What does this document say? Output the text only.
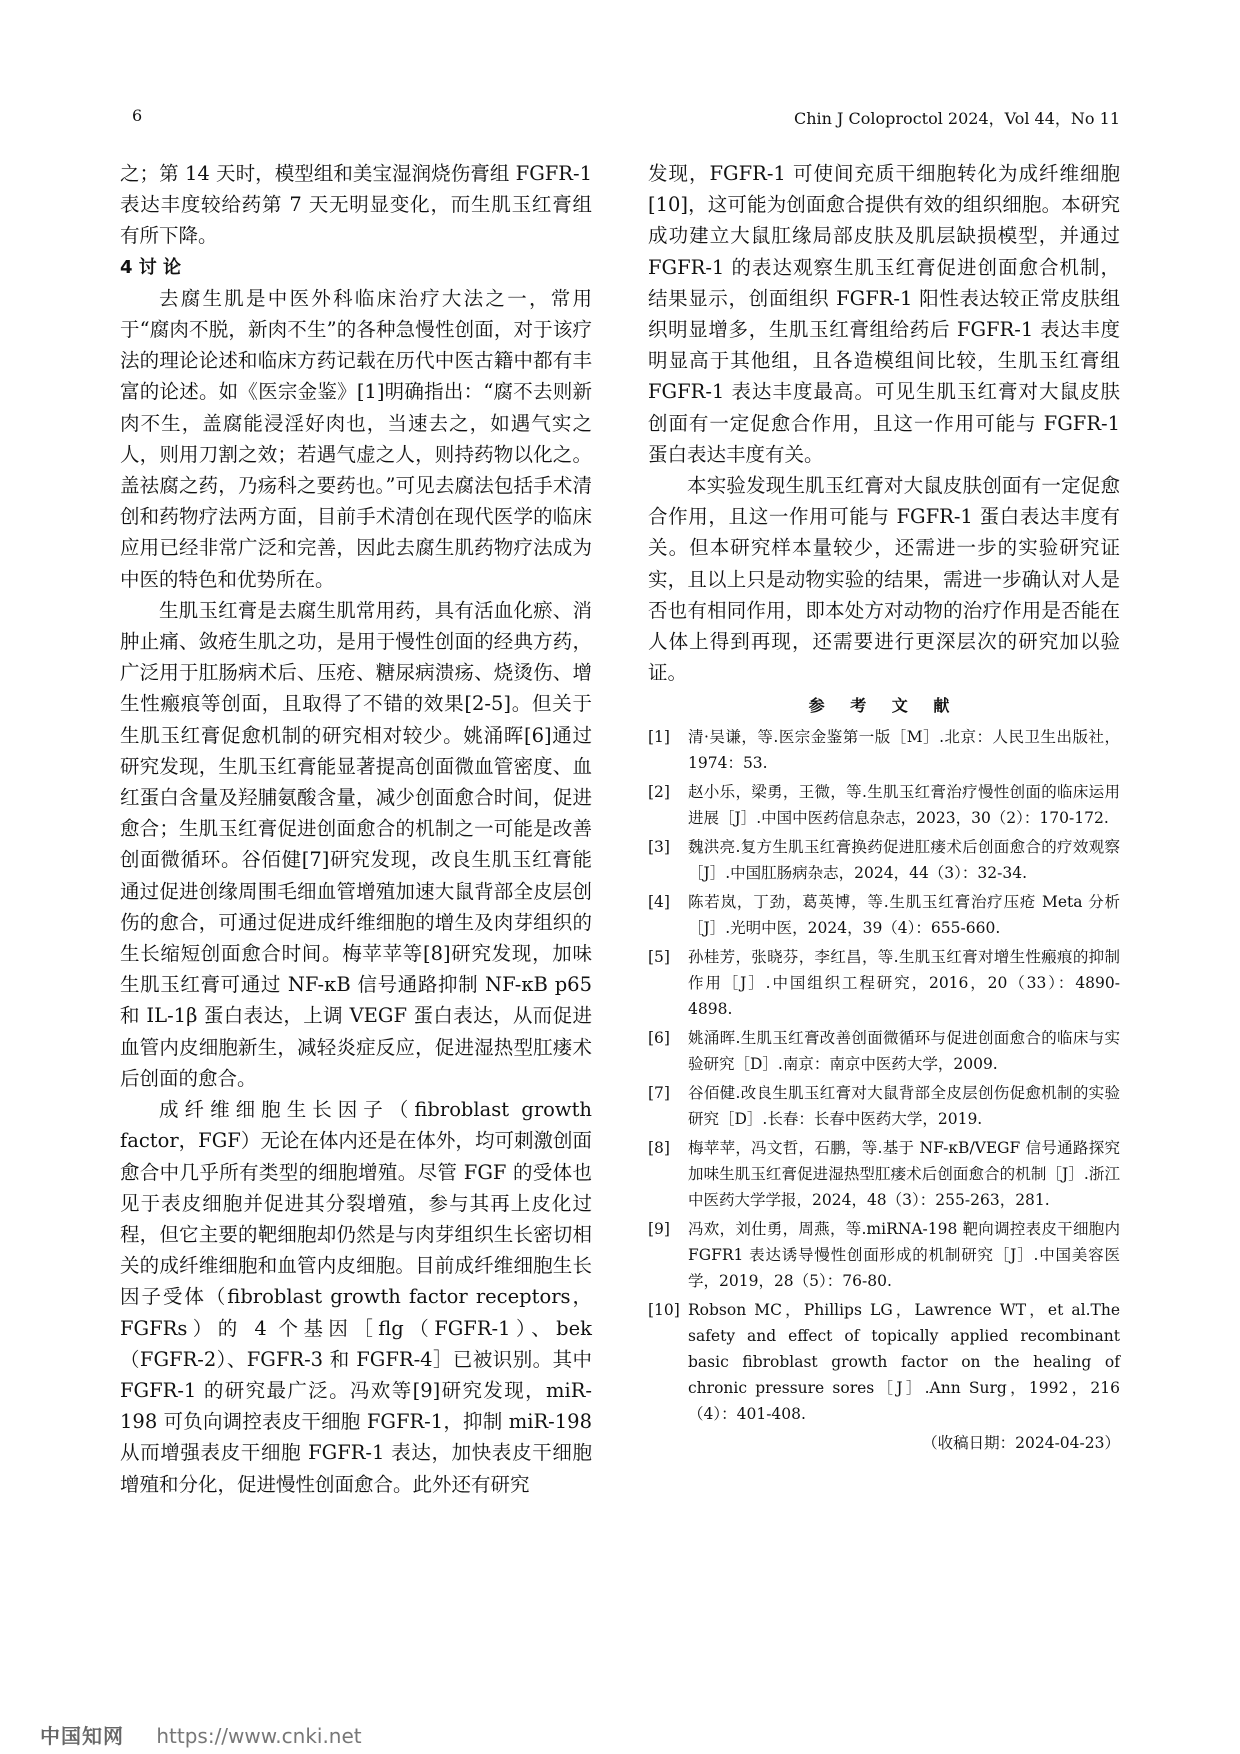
6	Chin J Coloproctol 2024，Vol 44，No 11

之；第 14 天时，模型组和美宝湿润烧伤膏组 FGFR-1 表达丰度较给药第 7 天无明显变化，而生肌玉红膏组有所下降。

4 讨 论

去腐生肌是中医外科临床治疗大法之一，常用于“腐肉不脱，新肉不生”的各种急慢性创面，对于该疗法的理论论述和临床方药记载在历代中医古籍中都有丰富的论述。如《医宗金鉴》[1]明确指出：“腐不去则新肉不生，盖腐能浸淫好肉也，当速去之，如遇气实之人，则用刀割之效；若遇气虚之人，则持药物以化之。盖祛腐之药，乃疡科之要药也。”可见去腐法包括手术清创和药物疗法两方面，目前手术清创在现代医学的临床应用已经非常广泛和完善，因此去腐生肌药物疗法成为中医的特色和优势所在。

生肌玉红膏是去腐生肌常用药，具有活血化瘀、消肿止痛、敛疮生肌之功，是用于慢性创面的经典方药，广泛用于肛肠病术后、压疮、糖尿病溃疡、烧烫伤、增生性瘢痕等创面，且取得了不错的效果[2-5]。但关于生肌玉红膏促愈机制的研究相对较少。姚涌晖[6]通过研究发现，生肌玉红膏能显著提高创面微血管密度、血红蛋白含量及羟脯氨酸含量，减少创面愈合时间，促进愈合；生肌玉红膏促进创面愈合的机制之一可能是改善创面微循环。谷佰健[7]研究发现，改良生肌玉红膏能通过促进创缘周围毛细血管增殖加速大鼠背部全皮层创伤的愈合，可通过促进成纤维细胞的增生及肉芽组织的生长缩短创面愈合时间。梅苹苹等[8]研究发现，加味生肌玉红膏可通过 NF-κB 信号通路抑制 NF-κB p65 和 IL-1β 蛋白表达，上调 VEGF 蛋白表达，从而促进血管内皮细胞新生，减轻炎症反应，促进湿热型肛瘘术后创面的愈合。

成纤维细胞生长因子（fibroblast growth factor，FGF）无论在体内还是在体外，均可刺激创面愈合中几乎所有类型的细胞增殖。尽管 FGF 的受体也见于表皮细胞并促进其分裂增殖，参与其再上皮化过程，但它主要的靶细胞却仍然是与肉芽组织生长密切相关的成纤维细胞和血管内皮细胞。目前成纤维细胞生长因子受体（fibroblast growth factor receptors，FGFRs）的 4 个基因［flg（FGFR-1）、bek（FGFR-2）、FGFR-3 和 FGFR-4］已被识别。其中 FGFR-1 的研究最广泛。冯欢等[9]研究发现，miR-198 可负向调控表皮干细胞 FGFR-1，抑制 miR-198 从而增强表皮干细胞 FGFR-1 表达，加快表皮干细胞增殖和分化，促进慢性创面愈合。此外还有研究

发现，FGFR-1 可使间充质干细胞转化为成纤维细胞[10]，这可能为创面愈合提供有效的组织细胞。本研究成功建立大鼠肛缘局部皮肤及肌层缺损模型，并通过 FGFR-1 的表达观察生肌玉红膏促进创面愈合机制，结果显示，创面组织 FGFR-1 阳性表达较正常皮肤组织明显增多，生肌玉红膏组给药后 FGFR-1 表达丰度明显高于其他组，且各造模组间比较，生肌玉红膏组 FGFR-1 表达丰度最高。可见生肌玉红膏对大鼠皮肤创面有一定促愈合作用，且这一作用可能与 FGFR-1 蛋白表达丰度有关。

本实验发现生肌玉红膏对大鼠皮肤创面有一定促愈合作用，且这一作用可能与 FGFR-1 蛋白表达丰度有关。但本研究样本量较少，还需进一步的实验研究证实，且以上只是动物实验的结果，需进一步确认对人是否也有相同作用，即本处方对动物的治疗作用是否能在人体上得到再现，还需要进行更深层次的研究加以验证。

参 考 文 献

[1]	清·吴谦，等.医宗金鉴第一版［M］.北京：人民卫生出版社，1974：53.
[2]	赵小乐，梁勇，王微，等.生肌玉红膏治疗慢性创面的临床运用进展［J］.中国中医药信息杂志，2023，30（2）：170-172.
[3]	魏洪亮.复方生肌玉红膏换药促进肛瘘术后创面愈合的疗效观察［J］.中国肛肠病杂志，2024，44（3）：32-34.
[4]	陈若岚，丁劲，葛英博，等.生肌玉红膏治疗压疮 Meta 分析［J］.光明中医，2024，39（4）：655-660.
[5]	孙桂芳，张晓芬，李红昌，等.生肌玉红膏对增生性瘢痕的抑制作用［J］.中国组织工程研究，2016，20（33）：4890-4898.
[6]	姚涌晖.生肌玉红膏改善创面微循环与促进创面愈合的临床与实验研究［D］.南京：南京中医药大学，2009.
[7]	谷佰健.改良生肌玉红膏对大鼠背部全皮层创伤促愈机制的实验研究［D］.长春：长春中医药大学，2019.
[8]	梅苹苹，冯文哲，石鹏，等.基于 NF-κB/VEGF 信号通路探究加味生肌玉红膏促进湿热型肛瘘术后创面愈合的机制［J］.浙江中医药大学学报，2024，48（3）：255-263，281.
[9]	冯欢，刘仕勇，周燕，等.miRNA-198 靶向调控表皮干细胞内 FGFR1 表达诱导慢性创面形成的机制研究［J］.中国美容医学，2019，28（5）：76-80.
[10] Robson MC，Phillips LG，Lawrence WT，et al.The safety and effect of topically applied recombinant basic fibroblast growth factor on the healing of chronic pressure sores［J］.Ann Surg，1992，216（4）：401-408.

（收稿日期：2024-04-23）

中国知网 https://www.cnki.net
